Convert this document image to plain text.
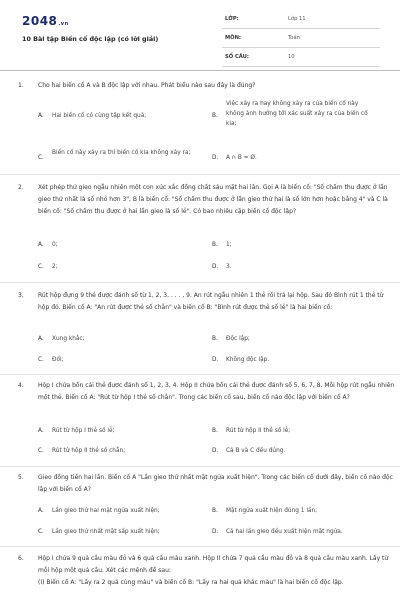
2048.vn
10 Bài tập Biến cố độc lập (có lời giải)
LỚP:	Lớp 11
MÔN:	Toán
SỐ CÂU:	10
1.	Cho hai biến cố A và B độc lập với nhau. Phát biểu nào sau đây là đúng?
A. Hai biến cố có cùng tập kết quả;	B.
Việc xảy ra hay không xảy ra của biến cố này không ảnh hưởng tới xác suất xảy ra của biến cố kia;
C.
Biến cố này xảy ra thì biến cố kia không xảy ra;
D. A ∩ B = Ø.
2.	Xét phép thử gieo ngẫu nhiên một con xúc xắc đồng chất sáu mặt hai lần. Gọi A là biến cố: "Số chấm thu được ở lần gieo thứ nhất là số nhỏ hơn 3", B là biến cố: "Số chấm thu được ở lần gieo thứ hai là số lớn hơn hoặc bằng 4" và C là biến cố: "Số chấm thu được ở hai lần gieo là số lẻ". Có bao nhiêu cặp biến cố độc lập?
A. 0;	B. 1;
C. 2;	D. 3.
3.	Rút hộp đựng 9 thẻ được đánh số từ 1, 2, 3, . . . , 9. An rút ngẫu nhiên 1 thẻ rồi trả lại hộp. Sau đó Bình rút 1 thẻ từ hộp đó. Biến cố A: "An rút được thẻ số chẵn" và biến cố B: "Bình rút được thẻ số lẻ" là hai biến cố:
A. Xung khắc;	B. Độc lập;
C. Đối;	D. Không độc lập.
4.	Hộp I chứa bốn cái thẻ được đánh số 1, 2, 3, 4. Hộp II chứa bốn cái thẻ được đánh số 5, 6, 7, 8. Mỗi hộp rút ngẫu nhiên một thẻ. Biến cố A: "Rút từ hộp I thẻ số chẵn". Trong các biến cố sau, biến cố nào độc lập với biến cố A?
A. Rút từ hộp I thẻ số lẻ;	B. Rút từ hộp II thẻ số lẻ;
C. Rút từ hộp II thẻ số chẵn;	D. Cả B và C đều đúng.
5.	Gieo đồng tiền hai lần. Biến cố A "Lần gieo thứ nhất mặt ngửa xuất hiện". Trong các biến cố dưới đây, biến cố nào độc lập với biến cố A?
A. Lần gieo thứ hai mặt ngửa xuất hiện;	B. Mặt ngửa xuất hiện đúng 1 lần;
C. Lần gieo thứ nhất mặt sấp xuất hiện;	D. Cả hai lần gieo đều xuất hiện mặt ngửa.
6.	Hộp I chứa 9 quả cầu màu đỏ và 6 quả cầu màu xanh. Hộp II chứa 7 quả cầu màu đỏ và 8 quả cầu màu xanh. Lấy từ mỗi hộp một quả cầu. Xét các mệnh đề sau:
(I) Biến cố A: "Lấy ra 2 quả cùng màu" và biến cố B: "Lấy ra hai quả khác màu" là hai biến cố độc lập.
